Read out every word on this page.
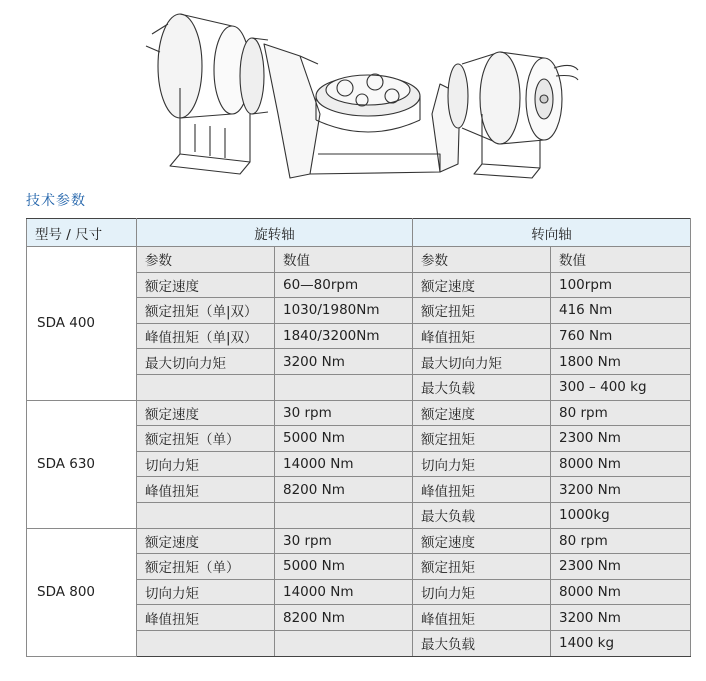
技术参数
型号 / 尺寸	旋转轴		转向轴	
SDA 400	参数	数值	参数	数值
	额定速度	60—80rpm	额定速度	100rpm
	额定扭矩（单|双）	1030/1980Nm	额定扭矩	416 Nm
	峰值扭矩（单|双）	1840/3200Nm	峰值扭矩	760 Nm
	最大切向力矩	3200 Nm	最大切向力矩	1800 Nm
			最大负载	300 – 400 kg
SDA 630	额定速度	30 rpm	额定速度	80 rpm
	额定扭矩（单）	5000 Nm	额定扭矩	2300 Nm
	切向力矩	14000 Nm	切向力矩	8000 Nm
	峰值扭矩	8200 Nm	峰值扭矩	3200 Nm
			最大负载	1000kg
SDA 800	额定速度	30 rpm	额定速度	80 rpm
	额定扭矩（单）	5000 Nm	额定扭矩	2300 Nm
	切向力矩	14000 Nm	切向力矩	8000 Nm
	峰值扭矩	8200 Nm	峰值扭矩	3200 Nm
			最大负载	1400 kg
